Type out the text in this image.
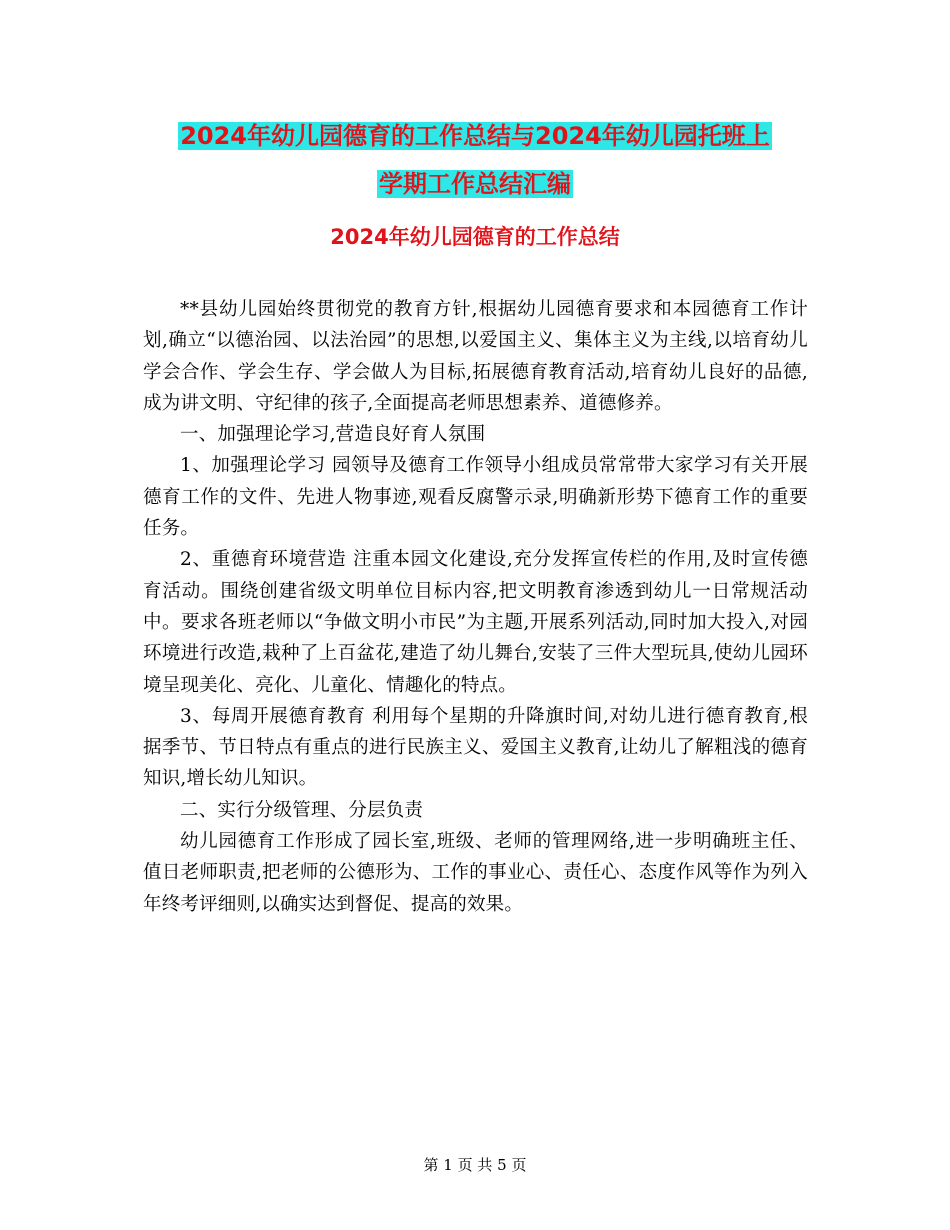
2024年幼儿园德育的工作总结与2024年幼儿园托班上
学期工作总结汇编
2024年幼儿园德育的工作总结

**县幼儿园始终贯彻党的教育方针,根据幼儿园德育要求和本园德育工作计划,确立“以德治园、以法治园”的思想,以爱国主义、集体主义为主线,以培育幼儿学会合作、学会生存、学会做人为目标,拓展德育教育活动,培育幼儿良好的品德,成为讲文明、守纪律的孩子,全面提高老师思想素养、道德修养。

一、加强理论学习,营造良好育人氛围

1、加强理论学习 园领导及德育工作领导小组成员常常带大家学习有关开展德育工作的文件、先进人物事迹,观看反腐警示录,明确新形势下德育工作的重要任务。

2、重德育环境营造 注重本园文化建设,充分发挥宣传栏的作用,及时宣传德育活动。围绕创建省级文明单位目标内容,把文明教育渗透到幼儿一日常规活动中。要求各班老师以“争做文明小市民”为主题,开展系列活动,同时加大投入,对园环境进行改造,栽种了上百盆花,建造了幼儿舞台,安装了三件大型玩具,使幼儿园环境呈现美化、亮化、儿童化、情趣化的特点。

3、每周开展德育教育 利用每个星期的升降旗时间,对幼儿进行德育教育,根据季节、节日特点有重点的进行民族主义、爱国主义教育,让幼儿了解粗浅的德育知识,增长幼儿知识。

二、实行分级管理、分层负责

幼儿园德育工作形成了园长室,班级、老师的管理网络,进一步明确班主任、值日老师职责,把老师的公德形为、工作的事业心、责任心、态度作风等作为列入年终考评细则,以确实达到督促、提高的效果。

第 1 页 共 5 页
